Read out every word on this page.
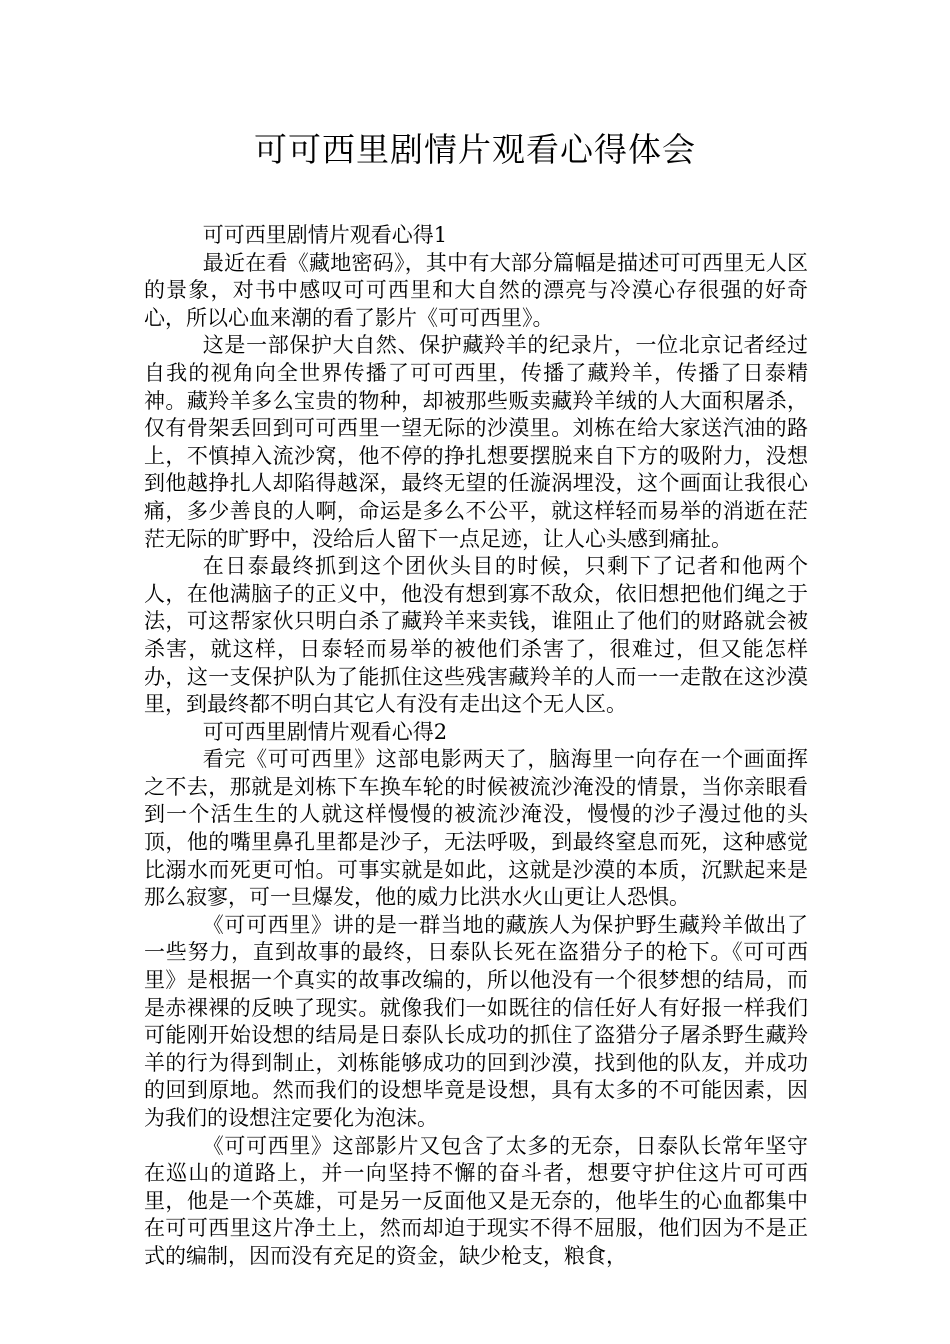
可可西里剧情片观看心得体会

可可西里剧情片观看心得1

最近在看《藏地密码》，其中有大部分篇幅是描述可可西里无人区的景象，对书中感叹可可西里和大自然的漂亮与冷漠心存很强的好奇心，所以心血来潮的看了影片《可可西里》。

这是一部保护大自然、保护藏羚羊的纪录片，一位北京记者经过自我的视角向全世界传播了可可西里，传播了藏羚羊，传播了日泰精神。藏羚羊多么宝贵的物种，却被那些贩卖藏羚羊绒的人大面积屠杀，仅有骨架丢回到可可西里一望无际的沙漠里。刘栋在给大家送汽油的路上，不慎掉入流沙窝，他不停的挣扎想要摆脱来自下方的吸附力，没想到他越挣扎人却陷得越深，最终无望的任漩涡埋没，这个画面让我很心痛，多少善良的人啊，命运是多么不公平，就这样轻而易举的消逝在茫茫无际的旷野中，没给后人留下一点足迹，让人心头感到痛扯。

在日泰最终抓到这个团伙头目的时候，只剩下了记者和他两个人，在他满脑子的正义中，他没有想到寡不敌众，依旧想把他们绳之于法，可这帮家伙只明白杀了藏羚羊来卖钱，谁阻止了他们的财路就会被杀害，就这样，日泰轻而易举的被他们杀害了，很难过，但又能怎样办，这一支保护队为了能抓住这些残害藏羚羊的人而一一走散在这沙漠里，到最终都不明白其它人有没有走出这个无人区。

可可西里剧情片观看心得2

看完《可可西里》这部电影两天了，脑海里一向存在一个画面挥之不去，那就是刘栋下车换车轮的时候被流沙淹没的情景，当你亲眼看到一个活生生的人就这样慢慢的被流沙淹没，慢慢的沙子漫过他的头顶，他的嘴里鼻孔里都是沙子，无法呼吸，到最终窒息而死，这种感觉比溺水而死更可怕。可事实就是如此，这就是沙漠的本质，沉默起来是那么寂寥，可一旦爆发，他的威力比洪水火山更让人恐惧。

《可可西里》讲的是一群当地的藏族人为保护野生藏羚羊做出了一些努力，直到故事的最终，日泰队长死在盗猎分子的枪下。《可可西里》是根据一个真实的故事改编的，所以他没有一个很梦想的结局，而是赤裸裸的反映了现实。就像我们一如既往的信任好人有好报一样我们可能刚开始设想的结局是日泰队长成功的抓住了盗猎分子屠杀野生藏羚羊的行为得到制止，刘栋能够成功的回到沙漠，找到他的队友，并成功的回到原地。然而我们的设想毕竟是设想，具有太多的不可能因素，因为我们的设想注定要化为泡沫。

《可可西里》这部影片又包含了太多的无奈，日泰队长常年坚守在巡山的道路上，并一向坚持不懈的奋斗者，想要守护住这片可可西里，他是一个英雄，可是另一反面他又是无奈的，他毕生的心血都集中在可可西里这片净土上，然而却迫于现实不得不屈服，他们因为不是正式的编制，因而没有充足的资金，缺少枪支，粮食，
